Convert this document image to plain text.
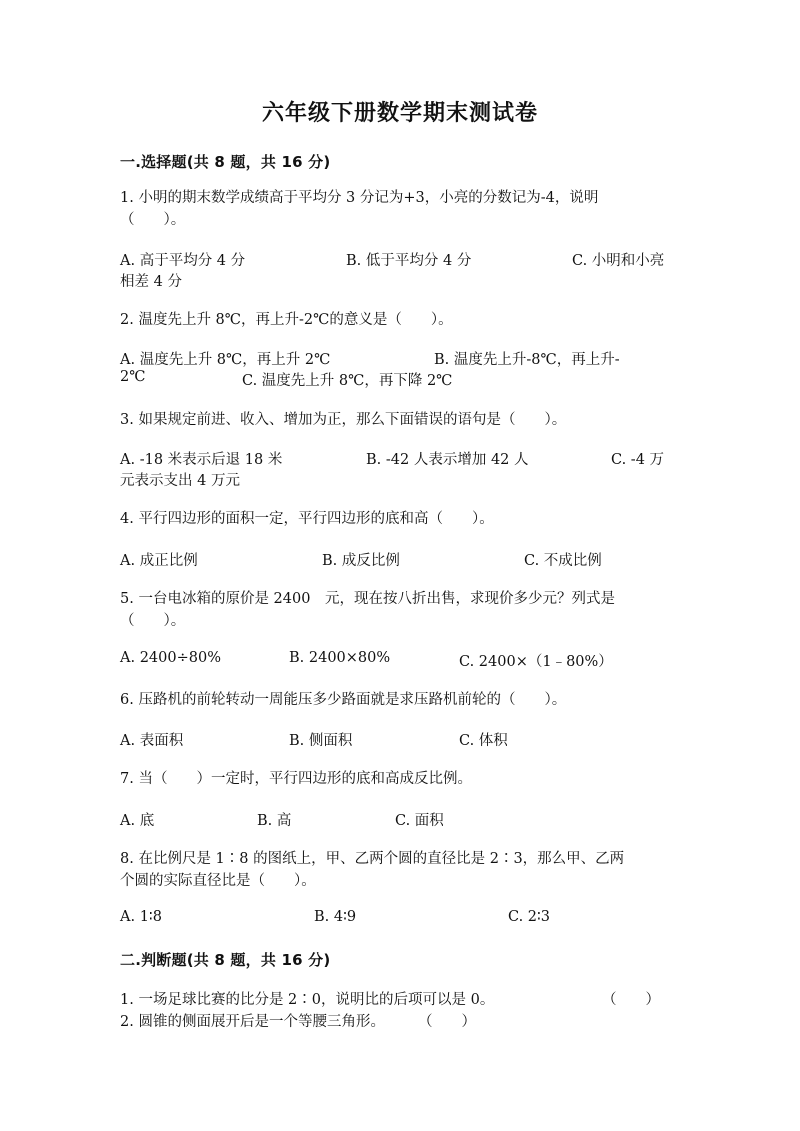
六年级下册数学期末测试卷
一.选择题(共 8 题，共 16 分)
1. 小明的期末数学成绩高于平均分 3 分记为+3，小亮的分数记为-4，说明
（　　）。
A. 高于平均分 4 分	B. 低于平均分 4 分	C. 小明和小亮
相差 4 分
2. 温度先上升 8℃，再上升-2℃的意义是（　　）。
A. 温度先上升 8℃，再上升 2℃	B. 温度先上升-8℃，再上升-
2℃	C. 温度先上升 8℃，再下降 2℃
3. 如果规定前进、收入、增加为正，那么下面错误的语句是（　　）。
A. -18 米表示后退 18 米	B. -42 人表示增加 42 人	C. -4 万
元表示支出 4 万元
4. 平行四边形的面积一定，平行四边形的底和高（　　）。
A. 成正比例	B. 成反比例	C. 不成比例
5. 一台电冰箱的原价是 2400　元，现在按八折出售，求现价多少元？列式是
（　　）。
A. 2400÷80%	B. 2400×80%	C. 2400×（1﹣80%）
6. 压路机的前轮转动一周能压多少路面就是求压路机前轮的（　　）。
A. 表面积	B. 侧面积	C. 体积
7. 当（　　）一定时，平行四边形的底和高成反比例。
A. 底	B. 高	C. 面积
8. 在比例尺是 1∶8 的图纸上，甲、乙两个圆的直径比是 2∶3，那么甲、乙两
个圆的实际直径比是（　　）。
A. 1∶8	B. 4∶9	C. 2∶3
二.判断题(共 8 题，共 16 分)
1. 一场足球比赛的比分是 2∶0，说明比的后项可以是 0。	（　　）
2. 圆锥的侧面展开后是一个等腰三角形。 （　　）
